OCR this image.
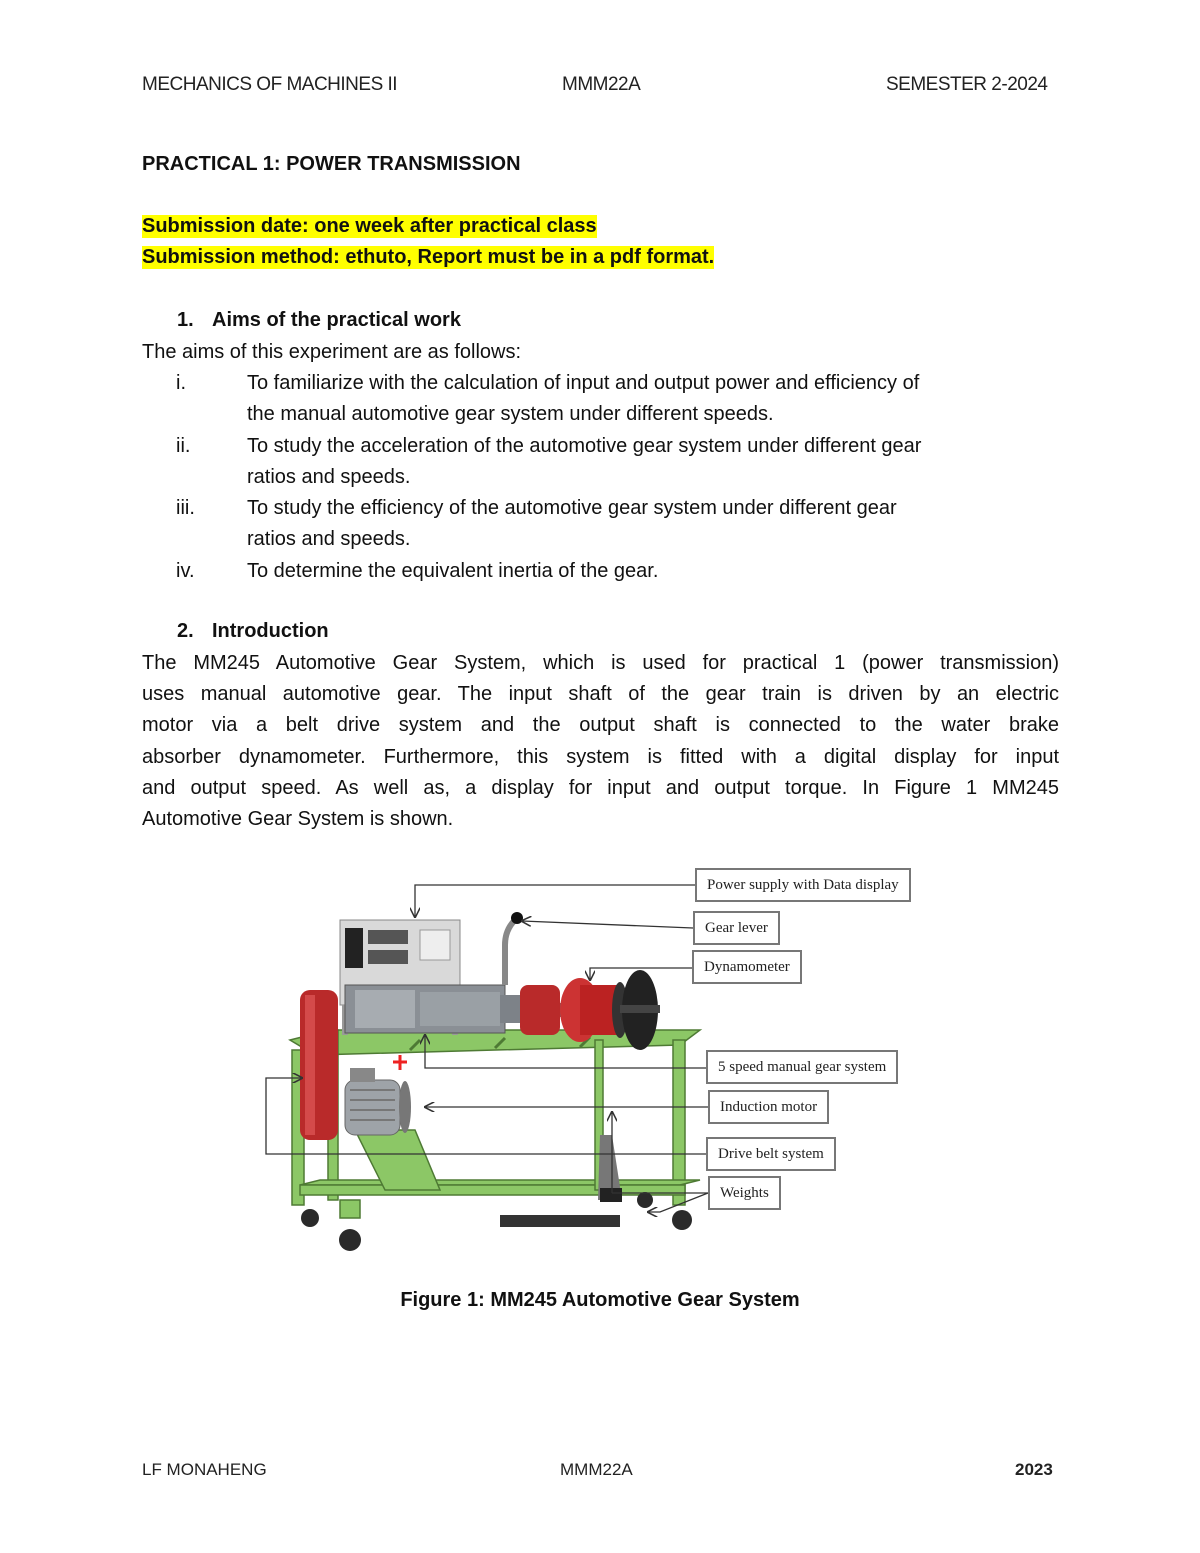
MECHANICS OF MACHINES II	MMM22A	SEMESTER 2-2024
PRACTICAL 1: POWER TRANSMISSION
Submission date: one week after practical class
Submission method: ethuto, Report must be in a pdf format.
1. Aims of the practical work
The aims of this experiment are as follows:
i.	To familiarize with the calculation of input and output power and efficiency of
the manual automotive gear system under different speeds.
ii.	To study the acceleration of the automotive gear system under different gear
ratios and speeds.
iii.	To study the efficiency of the automotive gear system under different gear
ratios and speeds.
iv.	To determine the equivalent inertia of the gear.
2. Introduction
The MM245 Automotive Gear System, which is used for practical 1 (power transmission)
uses manual automotive gear. The input shaft of the gear train is driven by an electric
motor via a belt drive system and the output shaft is connected to the water brake
absorber dynamometer. Furthermore, this system is fitted with a digital display for input
and output speed. As well as, a display for input and output torque. In Figure 1 MM245
Automotive Gear System is shown.
Power supply with Data display
Gear lever
Dynamometer
5 speed manual gear system
Induction motor
Drive belt system
Weights
Figure 1: MM245 Automotive Gear System
LF MONAHENG	MMM22A	2023
